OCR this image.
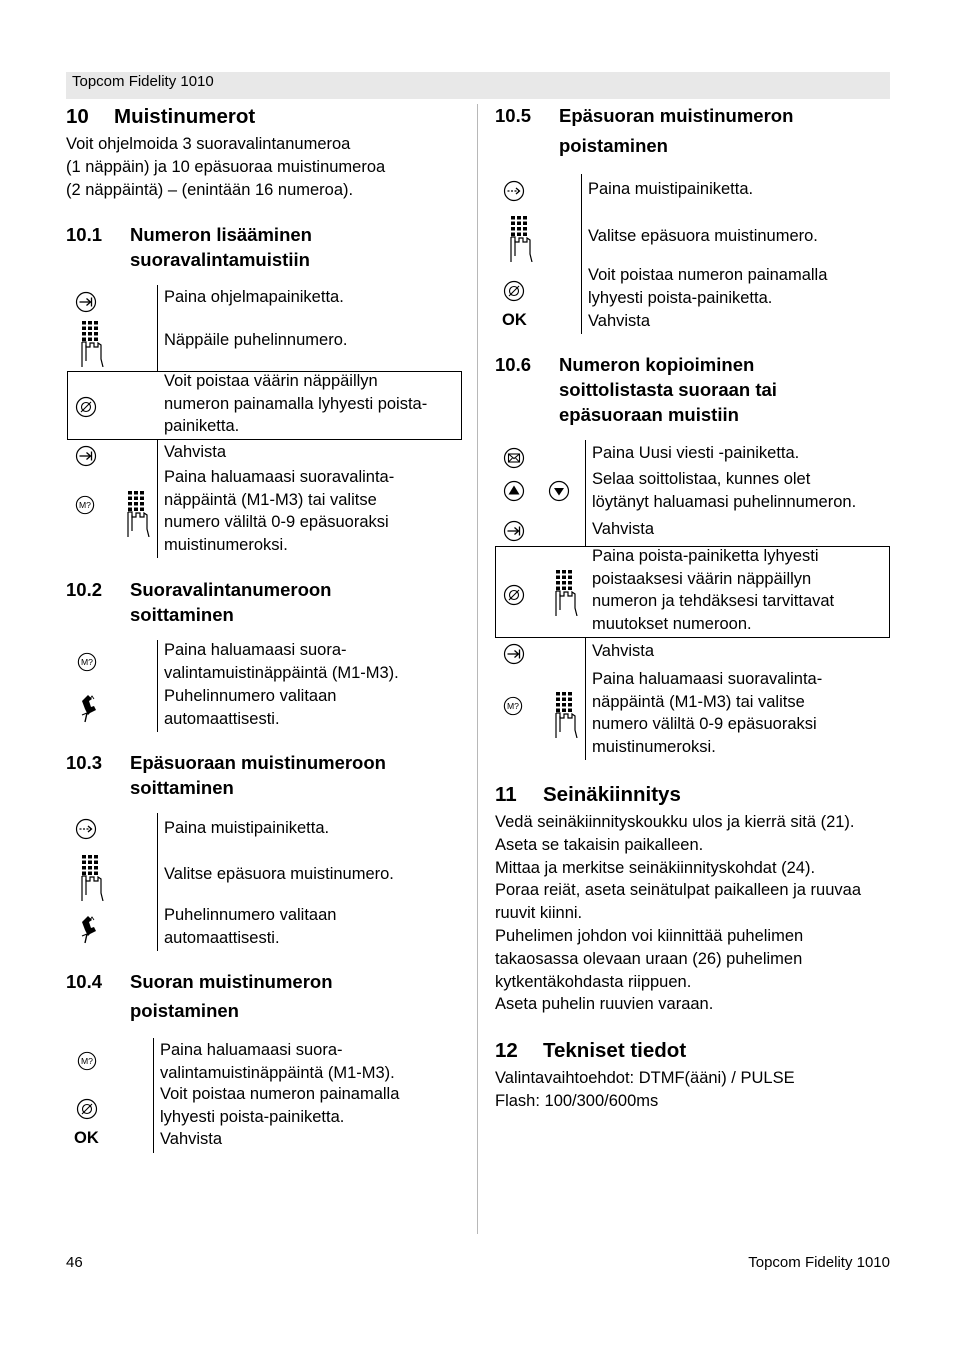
Topcom Fidelity 1010
10 Muistinumerot
Voit ohjelmoida 3 suoravalintanumeroa
(1 näppäin) ja 10 epäsuoraa muistinumeroa
(2 näppäintä) – (enintään 16 numeroa).
10.1 Numeron lisääminen
suoravalintamuistiin
Paina ohjelmapainiketta.
Näppäile puhelinnumero.
Voit poistaa väärin näppäillyn
numeron painamalla lyhyesti poista-
painiketta.
Vahvista
Paina haluamaasi suoravalinta-
näppäintä (M1-M3) tai valitse
numero väliltä 0-9 epäsuoraksi
muistinumeroksi.
10.2 Suoravalintanumeroon
soittaminen
Paina haluamaasi suora-
valintamuistinäppäintä (M1-M3).
Puhelinnumero valitaan
automaattisesti.
10.3 Epäsuoraan muistinumeroon
soittaminen
Paina muistipainiketta.
Valitse epäsuora muistinumero.
Puhelinnumero valitaan
automaattisesti.
10.4 Suoran muistinumeron
poistaminen
Paina haluamaasi suora-
valintamuistinäppäintä (M1-M3).
Voit poistaa numeron painamalla
lyhyesti poista-painiketta.
OK	Vahvista
10.5 Epäsuoran muistinumeron
poistaminen
Paina muistipainiketta.
Valitse epäsuora muistinumero.
Voit poistaa numeron painamalla
lyhyesti poista-painiketta.
OK	Vahvista
10.6 Numeron kopioiminen
soittolistasta suoraan tai
epäsuoraan muistiin
Paina Uusi viesti -painiketta.
Selaa soittolistaa, kunnes olet
löytänyt haluamasi puhelinnumeron.
Vahvista
Paina poista-painiketta lyhyesti
poistaaksesi väärin näppäillyn
numeron ja tehdäksesi tarvittavat
muutokset numeroon.
Vahvista
Paina haluamaasi suoravalinta-
näppäintä (M1-M3) tai valitse
numero väliltä 0-9 epäsuoraksi
muistinumeroksi.
11 Seinäkiinnitys
Vedä seinäkiinnityskoukku ulos ja kierrä sitä (21).
Aseta se takaisin paikalleen.
Mittaa ja merkitse seinäkiinnityskohdat (24).
Poraa reiät, aseta seinätulpat paikalleen ja ruuvaa
ruuvit kiinni.
Puhelimen johdon voi kiinnittää puhelimen
takaosassa olevaan uraan (26) puhelimen
kytkentäkohdasta riippuen.
Aseta puhelin ruuvien varaan.
12 Tekniset tiedot
Valintavaihtoehdot: DTMF(ääni) / PULSE
Flash: 100/300/600ms
46	Topcom Fidelity 1010
